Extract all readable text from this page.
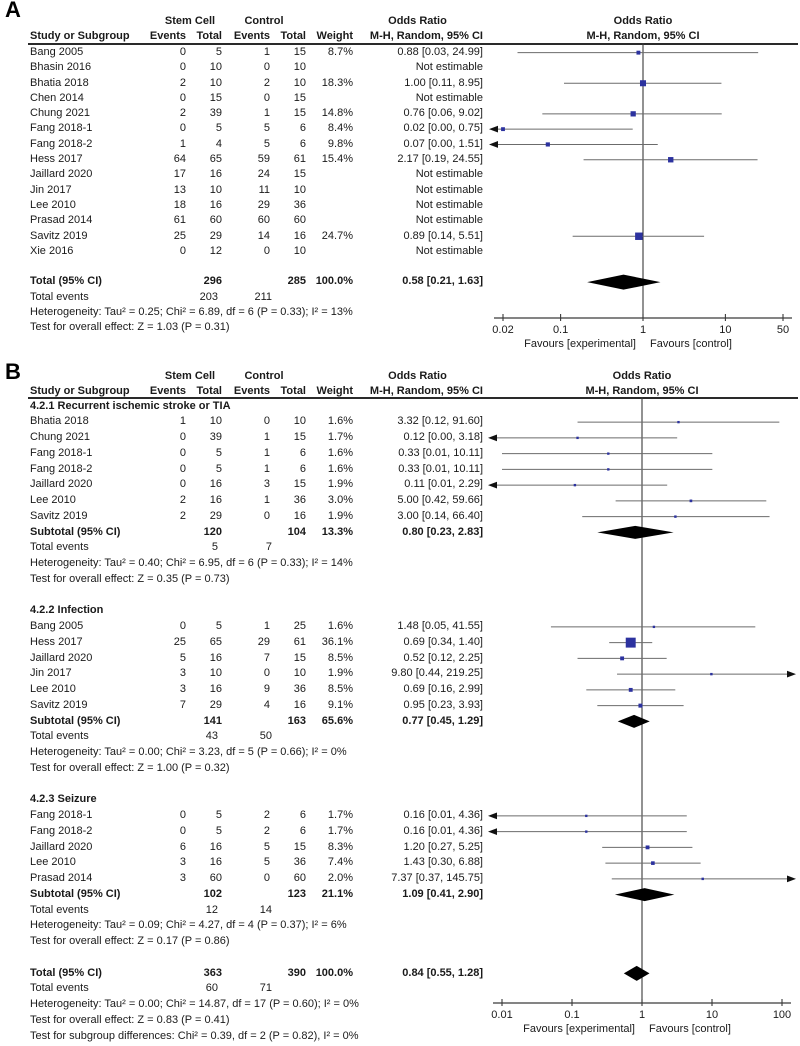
A	Stem Cell	Control	Odds Ratio	Odds Ratio
Study or Subgroup	Events Total	Events Total Weight	M-H, Random, 95% CI	M-H, Random, 95% CI
Bang 2005	0	5	1	15	8.7%	0.88 [0.03, 24.99]
Bhasin 2016	0	10	0	10	Not estimable
Bhatia 2018	2	10	2	10	18.3%	1.00 [0.11, 8.95]
Chen 2014	0	15	0	15	Not estimable
Chung 2021	2	39	1	15	14.8%	0.76 [0.06, 9.02]
Fang 2018-1	0	5	5	6	8.4%	0.02 [0.00, 0.75]
Fang 2018-2	1	4	5	6	9.8%	0.07 [0.00, 1.51]
Hess 2017	64	65	59	61	15.4%	2.17 [0.19, 24.55]
Jaillard 2020	17	16	24	15	Not estimable
Jin 2017	13	10	11	10	Not estimable
Lee 2010	18	16	29	36	Not estimable
Prasad 2014	61	60	60	60	Not estimable
Savitz 2019	25	29	14	16	24.7%	0.89 [0.14, 5.51]
Xie 2016	0	12	0	10	Not estimable
Total (95% CI)	296	285 100.0%	0.58 [0.21, 1.63]
Total events	203	211
Heterogeneity: Tau² = 0.25; Chi² = 6.89, df = 6 (P = 0.33); I² = 13%
Test for overall effect: Z = 1.03 (P = 0.31)	0.02	0.1	1	10	50
Favours [experimental] Favours [control]
B	Stem Cell	Control	Odds Ratio	Odds Ratio
Study or Subgroup	Events Total	Events Total Weight	M-H, Random, 95% CI	M-H, Random, 95% CI
4.2.1 Recurrent ischemic stroke or TIA
Bhatia 2018	1	10	0	10	1.6%	3.32 [0.12, 91.60]
Chung 2021	0	39	1	15	1.7%	0.12 [0.00, 3.18]
Fang 2018-1	0	5	1	6	1.6%	0.33 [0.01, 10.11]
Fang 2018-2	0	5	1	6	1.6%	0.33 [0.01, 10.11]
Jaillard 2020	0	16	3	15	1.9%	0.11 [0.01, 2.29]
Lee 2010	2	16	1	36	3.0%	5.00 [0.42, 59.66]
Savitz 2019	2	29	0	16	1.9%	3.00 [0.14, 66.40]
Subtotal (95% CI)	120	104	13.3%	0.80 [0.23, 2.83]
Total events	5	7
Heterogeneity: Tau² = 0.40; Chi² = 6.95, df = 6 (P = 0.33); I² = 14%
Test for overall effect: Z = 0.35 (P = 0.73)
4.2.2 Infection
Bang 2005	0	5	1	25	1.6%	1.48 [0.05, 41.55]
Hess 2017	25	65	29	61	36.1%	0.69 [0.34, 1.40]
Jaillard 2020	5	16	7	15	8.5%	0.52 [0.12, 2.25]
Jin 2017	3	10	0	10	1.9%	9.80 [0.44, 219.25]
Lee 2010	3	16	9	36	8.5%	0.69 [0.16, 2.99]
Savitz 2019	7	29	4	16	9.1%	0.95 [0.23, 3.93]
Subtotal (95% CI)	141	163	65.6%	0.77 [0.45, 1.29]
Total events	43	50
Heterogeneity: Tau² = 0.00; Chi² = 3.23, df = 5 (P = 0.66); I² = 0%
Test for overall effect: Z = 1.00 (P = 0.32)
4.2.3 Seizure
Fang 2018-1	0	5	2	6	1.7%	0.16 [0.01, 4.36]
Fang 2018-2	0	5	2	6	1.7%	0.16 [0.01, 4.36]
Jaillard 2020	6	16	5	15	8.3%	1.20 [0.27, 5.25]
Lee 2010	3	16	5	36	7.4%	1.43 [0.30, 6.88]
Prasad 2014	3	60	0	60	2.0%	7.37 [0.37, 145.75]
Subtotal (95% CI)	102	123	21.1%	1.09 [0.41, 2.90]
Total events	12	14
Heterogeneity: Tau² = 0.09; Chi² = 4.27, df = 4 (P = 0.37); I² = 6%
Test for overall effect: Z = 0.17 (P = 0.86)
Total (95% CI)	363	390 100.0%	0.84 [0.55, 1.28]
Total events	60	71
Heterogeneity: Tau² = 0.00; Chi² = 14.87, df = 17 (P = 0.60); I² = 0%
Test for overall effect: Z = 0.83 (P = 0.41)
Test for subgroup differences: Chi² = 0.39, df = 2 (P = 0.82), I² = 0%
0.01	0.1	1	10	100
Favours [experimental] Favours [control]
